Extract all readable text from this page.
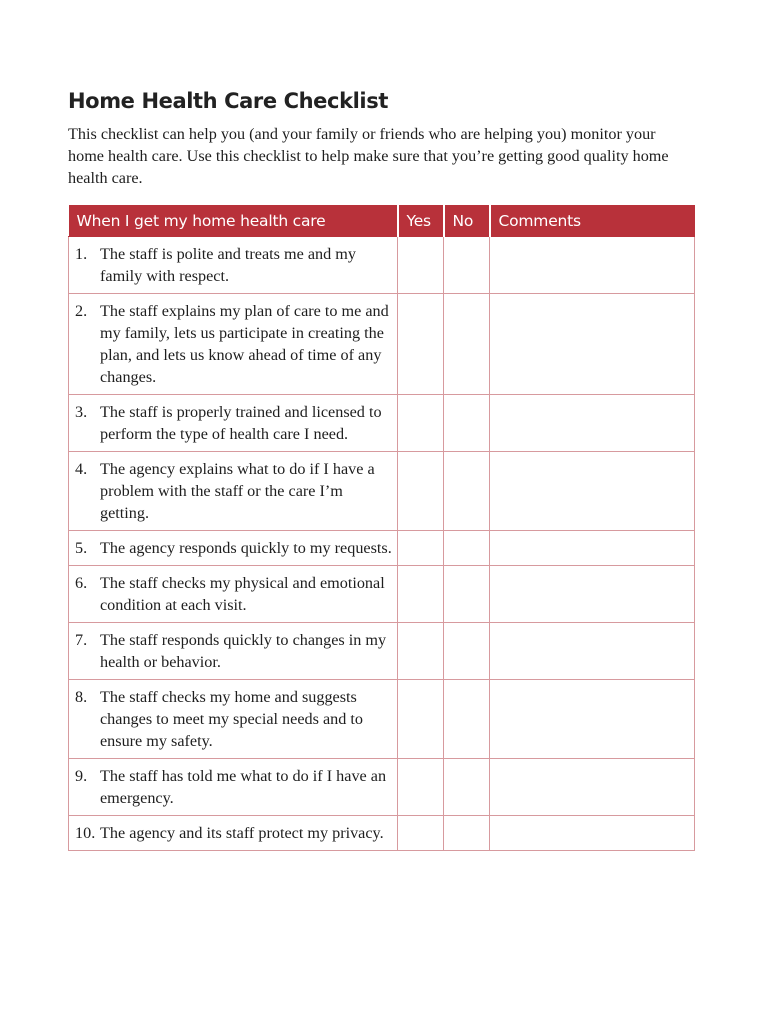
Home Health Care Checklist

This checklist can help you (and your family or friends who are helping you) monitor your home health care. Use this checklist to help make sure that you’re getting good quality home health care.

When I get my home health care	Yes	No	Comments

1. The staff is polite and treats me and my family with respect.			

2. The staff explains my plan of care to me and my family, lets us participate in creating the plan, and lets us know ahead of time of any changes.			

3. The staff is properly trained and licensed to perform the type of health care I need.			

4. The agency explains what to do if I have a problem with the staff or the care I’m getting.			

5. The agency responds quickly to my requests.			

6. The staff checks my physical and emotional condition at each visit.			

7. The staff responds quickly to changes in my health or behavior.			

8. The staff checks my home and suggests changes to meet my special needs and to ensure my safety.			

9. The staff has told me what to do if I have an emergency.			

10. The agency and its staff protect my privacy.			
